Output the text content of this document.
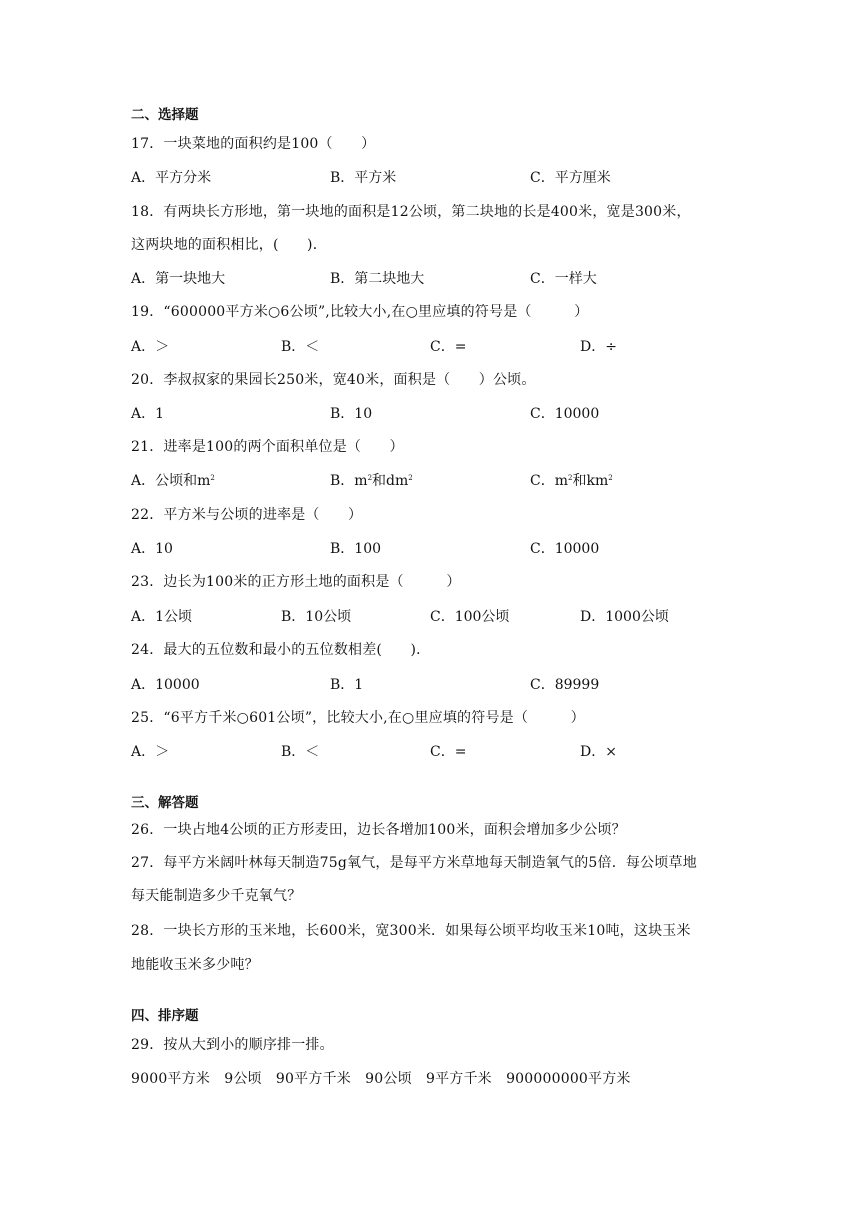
二、选择题
17．一块菜地的面积约是100（　　）
A．平方分米	B．平方米	C．平方厘米
18．有两块长方形地，第一块地的面积是12公顷，第二块地的长是400米，宽是300米，
这两块地的面积相比，(　　)．
A．第一块地大	B．第二块地大	C．一样大
19．“600000平方米○6公顷”,比较大小,在○里应填的符号是（　　　）
A．＞	B．＜	C．=	D．÷
20．李叔叔家的果园长250米，宽40米，面积是（　　）公顷。
A．1	B．10	C．10000
21．进率是100的两个面积单位是（　　）
A．公顷和$m^2$	B．$m^2$和$dm^2$	C．$m^2$和$km^2$
22．平方米与公顷的进率是（　　）
A．10	B．100	C．10000
23．边长为100米的正方形土地的面积是（　　　）
A．1公顷	B．10公顷	C．100公顷	D．1000公顷
24．最大的五位数和最小的五位数相差(　　)．
A．10000	B．1	C．89999
25．“6平方千米○601公顷”，比较大小,在○里应填的符号是（　　　）
A．＞	B．＜	C．=	D．×
三、解答题
26．一块占地4公顷的正方形麦田，边长各增加100米，面积会增加多少公顷？
27．每平方米阔叶林每天制造75g氧气，是每平方米草地每天制造氧气的5倍．每公顷草地
每天能制造多少千克氧气？
28．一块长方形的玉米地，长600米，宽300米．如果每公顷平均收玉米10吨，这块玉米
地能收玉米多少吨？
四、排序题
29．按从大到小的顺序排一排。
9000平方米　9公顷　90平方千米　90公顷　9平方千米　900000000平方米
